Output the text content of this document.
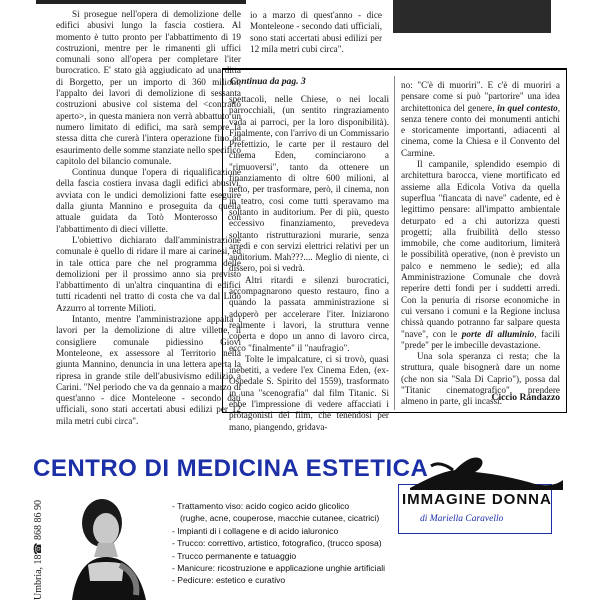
Si prosegue nell'opera di demolizione delle edifici abusivi lungo la fascia costiera. Al momento è tutto pronto per l'abbattimento di 19 costruzioni, mentre per le rimanenti gli uffici comunali sono all'opera per completare l'iter burocratico. E' stato già aggiudicato ad una ditta di Borgetto, per un importo di 360 milioni, l'appalto dei lavori di demolizione di sessanta costruzioni abusive col sistema del <contratto aperto>, in questa maniera non verrà abbattuto un numero limitato di edifici, ma sarà sempre la stessa ditta che curerà l'intera operazione fino ad esaurimento delle somme stanziate nello specifico capitolo del bilancio comunale.

Continua dunque l'opera di riqualificazione della fascia costiera invasa dagli edifici abusivi, avviata con le undici demolizioni fatte eseguire dalla giunta Mannino e proseguita da quella attuale guidata da Totò Monterosso con l'abbattimento di dieci villette.

L'obiettivo dichiarato dall'amministrazione comunale è quello di ridare il mare ai carinesi, ed in tale ottica pare che nel programma delle demolizioni per il prossimo anno sia previsto l'abbattimento di un'altra cinquantina di edifici tutti ricadenti nel tratto di costa che va dal Lido Azzurro al torrente Milioti.

Intanto, mentre l'amministrazione appalta i lavori per la demolizione di altre villette, il consigliere comunale pidiessino Giovi Monteleone, ex assessore al Territorio nella giunta Mannino, denuncia in una lettera aperta la ripresa in grande stile dell'abusivismo edilizio a Carini. "Nel periodo che va da gennaio a marzo di quest'anno - dice Monteleone - secondo dati ufficiali, sono stati accertati abusi edilizi per 12 mila metri cubi circa".

io a marzo di quest'anno - dice Monteleone - secondo dati ufficiali, sono stati accertati abusi edilizi per 12 mila metri cubi circa".
Continua da pag. 3

spettacoli, nelle Chiese, o nei locali parrocchiali, (un sentito ringraziamento vada ai parroci, per la loro disponibilità). Finalmente, con l'arrivo di un Commissario Prefettizio, le carte per il restauro del cinema Eden, cominciarono a "rimuoversi", tanto da ottenere un finanziamento di oltre 600 milioni, al netto, per trasformare, però, il cinema, non in teatro, così come tutti speravamo ma soltanto in auditorium. Per di più, questo eccessivo finanziamento, prevedeva soltanto ristrutturazioni murarie, senza arredi e con servizi elettrici relativi per un auditorium. Mah???.... Meglio di niente, ci dissero, poi si vedrà.

Altri ritardi e silenzi burocratici, accompagnarono questo restauro, fino a quando la passata amministrazione si adoperò per accelerare l'iter. Iniziarono realmente i lavori, la struttura venne coperta e dopo un anno di lavoro circa, ecco "finalmente" il "naufragio".

Tolte le impalcature, ci si trovò, quasi inebetiti, a vedere l'ex Cinema Eden, (ex-Ospedale S. Spirito del 1559), trasformato in una "scenografia" dal film Titanic. Si ebbe l'impressione di vedere affacciati i protagonisti del film, che tenendosi per mano, piangendo, gridava-

no: "C'è di muoriri". E c'è di muoriri a pensare come si può "partorire" una idea architettonica del genere, in quel contesto, senza tenere conto dei monumenti antichi e storicamente importanti, adiacenti al cinema, come la Chiesa e il Convento del Carmine.

Il campanile, splendido esempio di architettura barocca, viene mortificato ed assieme alla Edicola Votiva da quella superflua "fiancata di nave" cadente, ed è legittimo pensare: all'impatto ambientale deturpato ed a chi autorizza questi progetti; alla fruibilità dello stesso immobile, che come auditorium, limiterà le possibilità operative, (non è previsto un palco e nemmeno le sedie); ed alla Amministrazione Comunale che dovrà reperire detti fondi per i suddetti arredi. Con la penuria di risorse economiche in cui versano i comuni e la Regione inclusa chissà quando potranno far salpare questa "nave", con le porte di alluminio, facili "prede" per le imbecille devastazione.

Una sola speranza ci resta; che la struttura, quale bisognerà dare un nome (che non sia "Sala Di Caprio"), possa dal "Titanic cinematografico", prendere almeno in parte, gli incassi.

Ciccio Randazzo
CENTRO DI MEDICINA ESTETICA
IMMAGINE DONNA
di Mariella Caravello
☎ 868 86 90
Umbria, 18
- Trattamento viso: acido cogico acido glicolico
(rughe, acne, couperose, macchie cutanee, cicatrici)
- Impianti di i collagene e di acido ialuronico
- Trucco: correttivo, artistico, fotografico, (trucco sposa)
- Trucco permanente e tatuaggio
- Manicure: ricostruzione e applicazione unghie artificiali
- Pedicure: estetico e curativo
